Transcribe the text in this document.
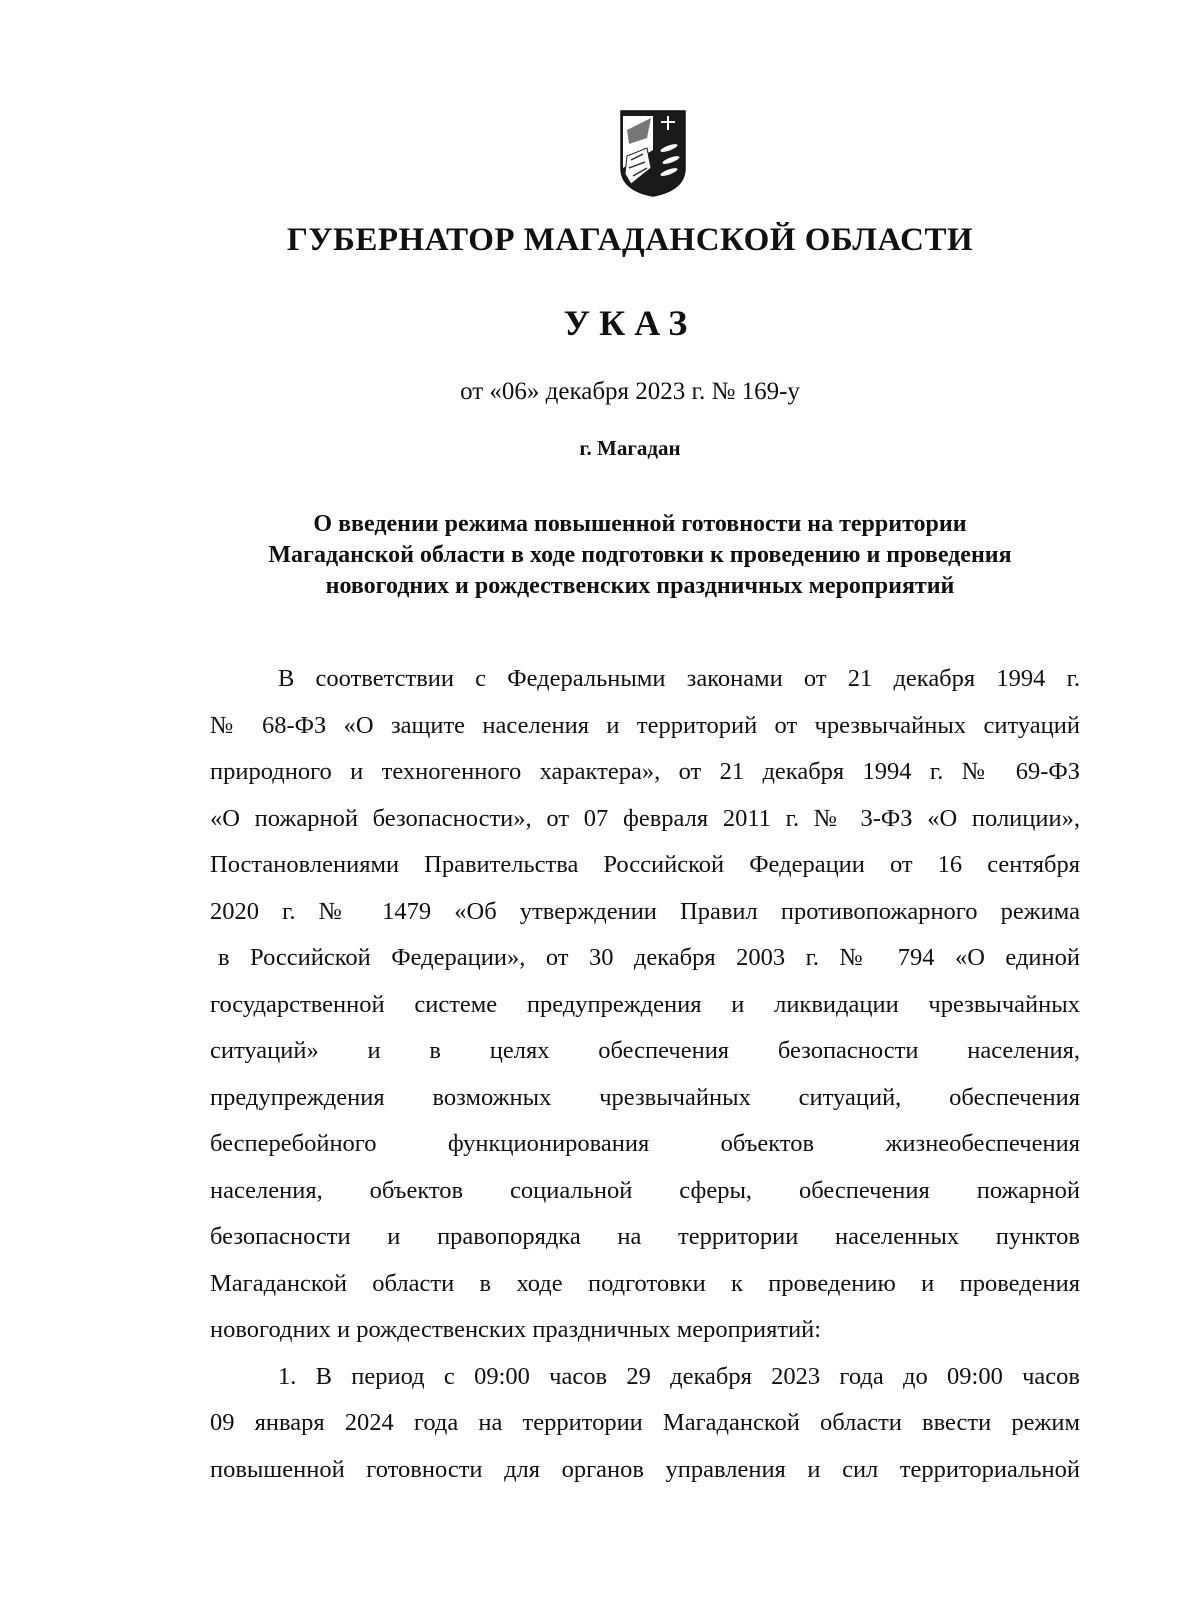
ГУБЕРНАТОР МАГАДАНСКОЙ ОБЛАСТИ
УКАЗ
от «06» декабря 2023 г. № 169-у
г. Магадан
О введении режима повышенной готовности на территории
Магаданской области в ходе подготовки к проведению и проведения
новогодних и рождественских праздничных мероприятий
В соответствии с Федеральными законами от 21 декабря 1994 г.
№ 68-ФЗ «О защите населения и территорий от чрезвычайных ситуаций
природного и техногенного характера», от 21 декабря 1994 г. № 69-ФЗ
«О пожарной безопасности», от 07 февраля 2011 г. № 3-ФЗ «О полиции»,
Постановлениями Правительства Российской Федерации от 16 сентября
2020 г. № 1479 «Об утверждении Правил противопожарного режима
в Российской Федерации», от 30 декабря 2003 г. № 794 «О единой
государственной системе предупреждения и ликвидации чрезвычайных
ситуаций» и в целях обеспечения безопасности населения,
предупреждения возможных чрезвычайных ситуаций, обеспечения
бесперебойного функционирования объектов жизнеобеспечения
населения, объектов социальной сферы, обеспечения пожарной
безопасности и правопорядка на территории населенных пунктов
Магаданской области в ходе подготовки к проведению и проведения
новогодних и рождественских праздничных мероприятий:
1. В период с 09:00 часов 29 декабря 2023 года до 09:00 часов
09 января 2024 года на территории Магаданской области ввести режим
повышенной готовности для органов управления и сил территориальной
